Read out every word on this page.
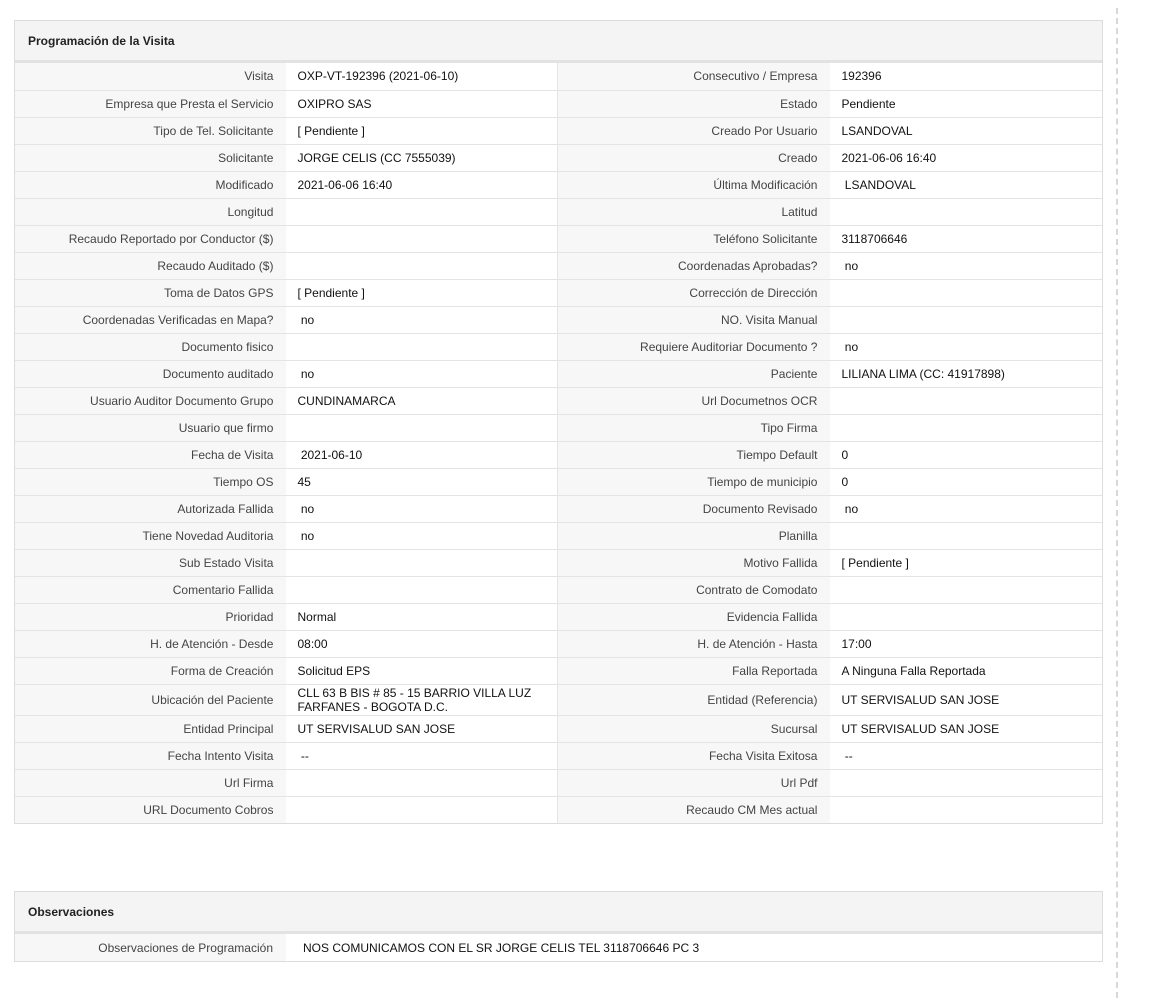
Programación de la Visita
Visita	OXP-VT-192396 (2021-06-10)	Consecutivo / Empresa	192396
Empresa que Presta el Servicio	OXIPRO SAS	Estado	Pendiente
Tipo de Tel. Solicitante	[ Pendiente ]	Creado Por Usuario	LSANDOVAL
Solicitante	JORGE CELIS (CC 7555039)	Creado	2021-06-06 16:40
Modificado	2021-06-06 16:40	Última Modificación	LSANDOVAL
Longitud		Latitud	
Recaudo Reportado por Conductor ($)		Teléfono Solicitante	3118706646
Recaudo Auditado ($)		Coordenadas Aprobadas?	no
Toma de Datos GPS	[ Pendiente ]	Corrección de Dirección	
Coordenadas Verificadas en Mapa?	no	NO. Visita Manual	
Documento fisico		Requiere Auditoriar Documento ?	no
Documento auditado	no	Paciente	LILIANA LIMA (CC: 41917898)
Usuario Auditor Documento Grupo	CUNDINAMARCA	Url Documetnos OCR	
Usuario que firmo		Tipo Firma	
Fecha de Visita	2021-06-10	Tiempo Default	0
Tiempo OS	45	Tiempo de municipio	0
Autorizada Fallida	no	Documento Revisado	no
Tiene Novedad Auditoria	no	Planilla	
Sub Estado Visita		Motivo Fallida	[ Pendiente ]
Comentario Fallida		Contrato de Comodato	
Prioridad	Normal	Evidencia Fallida	
H. de Atención - Desde	08:00	H. de Atención - Hasta	17:00
Forma de Creación	Solicitud EPS	Falla Reportada	A Ninguna Falla Reportada
Ubicación del Paciente	CLL 63 B BIS # 85 - 15 BARRIO VILLA LUZ FARFANES - BOGOTA D.C.	Entidad (Referencia)	UT SERVISALUD SAN JOSE
Entidad Principal	UT SERVISALUD SAN JOSE	Sucursal	UT SERVISALUD SAN JOSE
Fecha Intento Visita	--	Fecha Visita Exitosa	--
Url Firma		Url Pdf	
URL Documento Cobros		Recaudo CM Mes actual	
Observaciones
Observaciones de Programación	NOS COMUNICAMOS CON EL SR JORGE CELIS TEL 3118706646 PC 3
